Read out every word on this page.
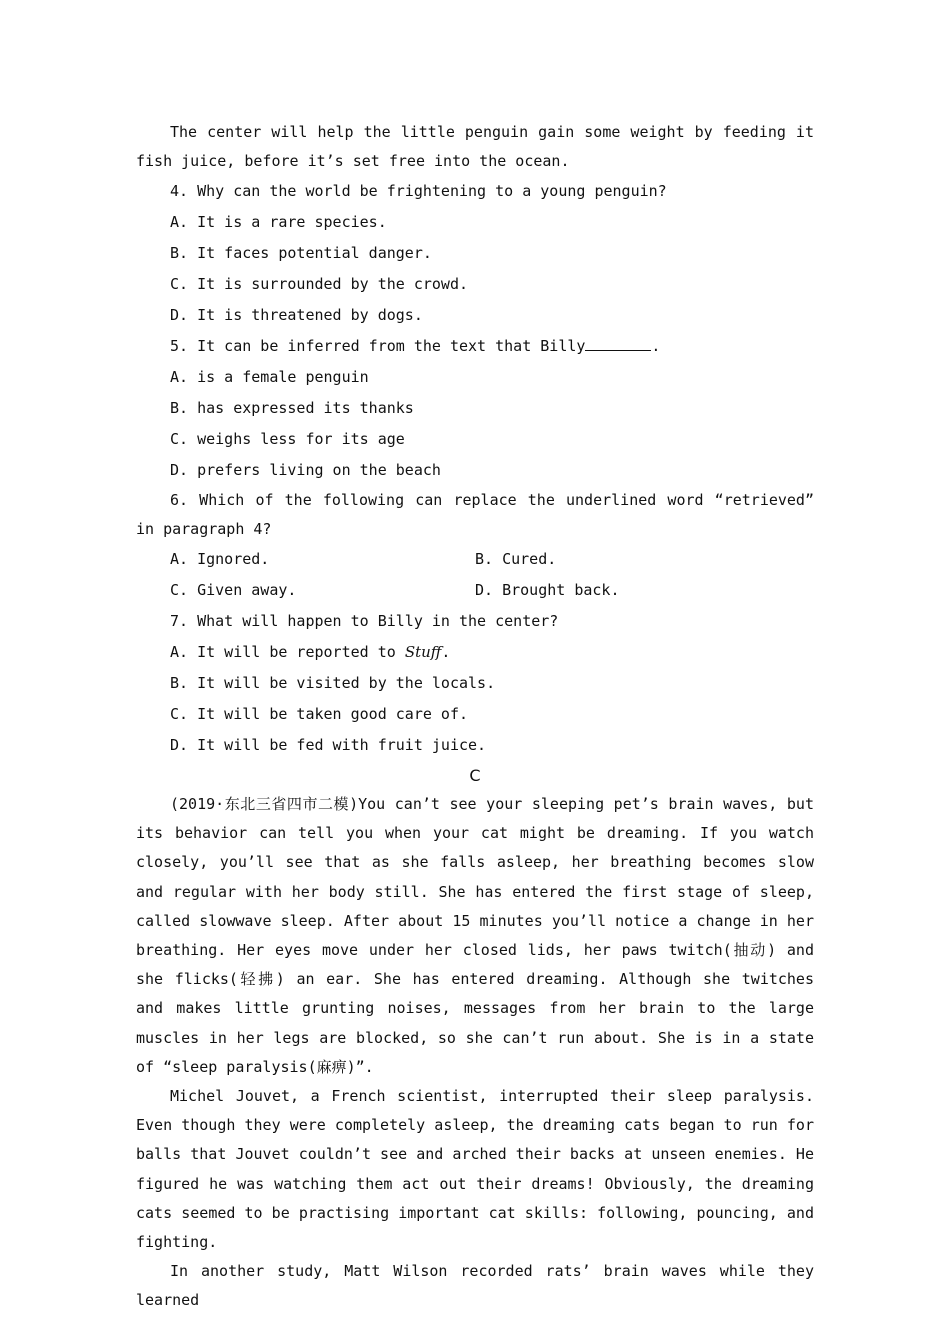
The center will help the little penguin gain some weight by feeding it fish juice, before it’s set free into the ocean.

4. Why can the world be frightening to a young penguin?

A. It is a rare species.

B. It faces potential danger.

C. It is surrounded by the crowd.

D. It is threatened by dogs.

5. It can be inferred from the text that Billy	.

A. is a female penguin

B. has expressed its thanks

C. weighs less for its age

D. prefers living on the beach

6. Which of the following can replace the underlined word “retrieved” in paragraph 4?

A. Ignored.	B. Cured.
C. Given away.	D. Brought back.

7. What will happen to Billy in the center?

A. It will be reported to Stuff.

B. It will be visited by the locals.

C. It will be taken good care of.

D. It will be fed with fruit juice.

C

(2019·东北三省四市二模)You can’t see your sleeping pet’s brain waves, but its behavior can tell you when your cat might be dreaming. If you watch closely, you’ll see that as she falls asleep, her breathing becomes slow and regular with her body still. She has entered the first stage of sleep, called slowwave sleep. After about 15 minutes you’ll notice a change in her breathing. Her eyes move under her closed lids, her paws twitch(抽动) and she flicks(轻拂) an ear. She has entered dreaming. Although she twitches and makes little grunting noises, messages from her brain to the large muscles in her legs are blocked, so she can’t run about. She is in a state of “sleep paralysis(麻痹)”.

Michel Jouvet, a French scientist, interrupted their sleep paralysis. Even though they were completely asleep, the dreaming cats began to run for balls that Jouvet couldn’t see and arched their backs at unseen enemies. He figured he was watching them act out their dreams! Obviously, the dreaming cats seemed to be practising important cat skills: following, pouncing, and fighting.

In another study, Matt Wilson recorded rats’ brain waves while they learned
